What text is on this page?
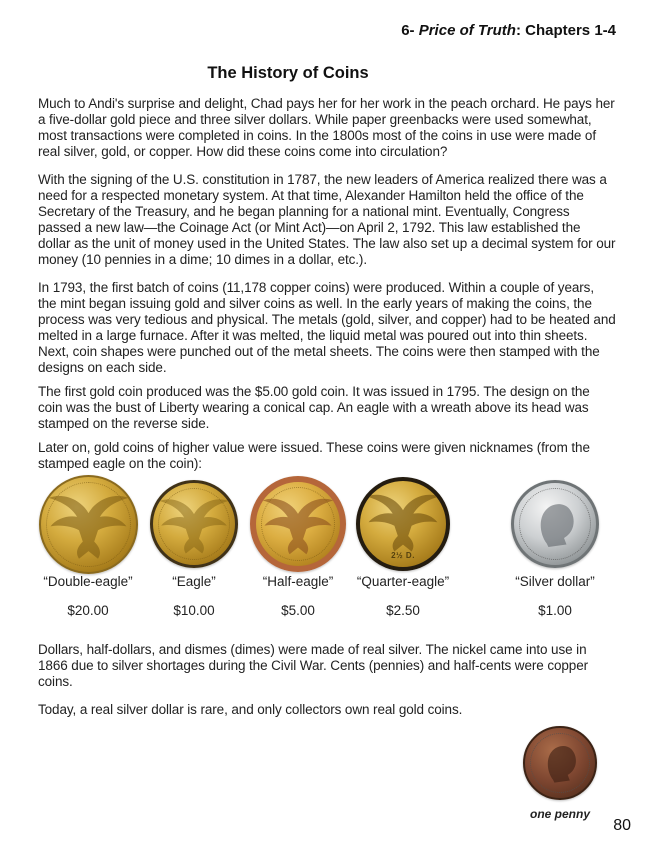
6- Price of Truth: Chapters 1-4
The History of Coins

Much to Andi's surprise and delight, Chad pays her for her work in the peach orchard. He pays her a five-dollar gold piece and three silver dollars. While paper greenbacks were used somewhat, most transactions were completed in coins. In the 1800s most of the coins in use were made of real silver, gold, or copper. How did these coins come into circulation?

With the signing of the U.S. constitution in 1787, the new leaders of America realized there was a need for a respected monetary system. At that time, Alexander Hamilton held the office of the Secretary of the Treasury, and he began planning for a national mint. Eventually, Congress passed a new law—the Coinage Act (or Mint Act)—on April 2, 1792. This law established the dollar as the unit of money used in the United States. The law also set up a decimal system for our money (10 pennies in a dime; 10 dimes in a dollar, etc.).

In 1793, the first batch of coins (11,178 copper coins) were produced. Within a couple of years, the mint began issuing gold and silver coins as well. In the early years of making the coins, the process was very tedious and physical. The metals (gold, silver, and copper) had to be heated and melted in a large furnace. After it was melted, the liquid metal was poured out into thin sheets. Next, coin shapes were punched out of the metal sheets. The coins were then stamped with the designs on each side.

The first gold coin produced was the $5.00 gold coin. It was issued in 1795. The design on the coin was the bust of Liberty wearing a conical cap. An eagle with a wreath above its head was stamped on the reverse side.

Later on, gold coins of higher value were issued. These coins were given nicknames (from the stamped eagle on the coin):

“Double-eagle”
$20.00
“Eagle”
$10.00
“Half-eagle”
$5.00
2½ D.
“Quarter-eagle”
$2.50
“Silver dollar”
$1.00

Dollars, half-dollars, and dismes (dimes) were made of real silver. The nickel came into use in 1866 due to silver shortages during the Civil War. Cents (pennies) and half-cents were copper coins.

Today, a real silver dollar is rare, and only collectors own real gold coins.

one penny
80
